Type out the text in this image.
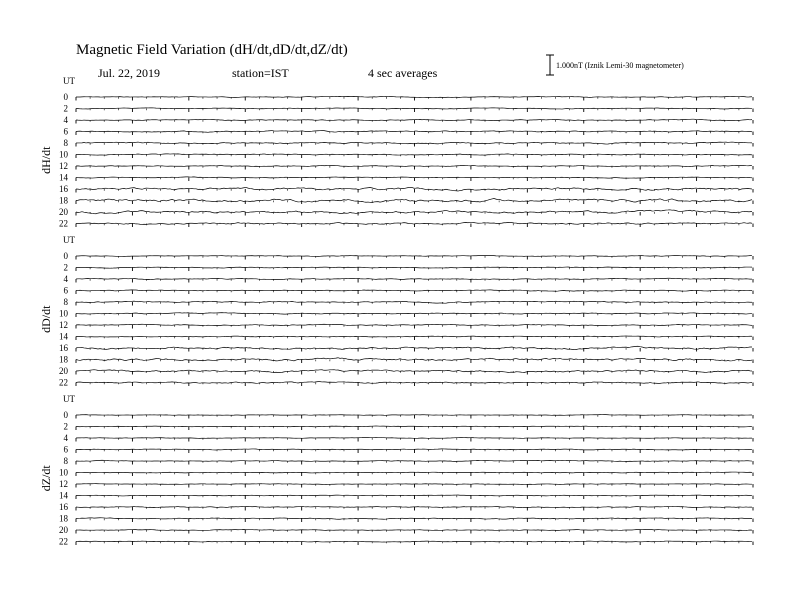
Magnetic Field Variation (dH/dt,dD/dt,dZ/dt)
Jul. 22, 2019	station=IST	4 sec averages
1.000nT (Iznik Lemi-30 magnetometer)
UT
dH/dt
0
2
4
6
8
10
12
14
16
18
20
22
UT
dD/dt
0
2
4
6
8
10
12
14
16
18
20
22
UT
dZ/dt
0
2
4
6
8
10
12
14
16
18
20
22
